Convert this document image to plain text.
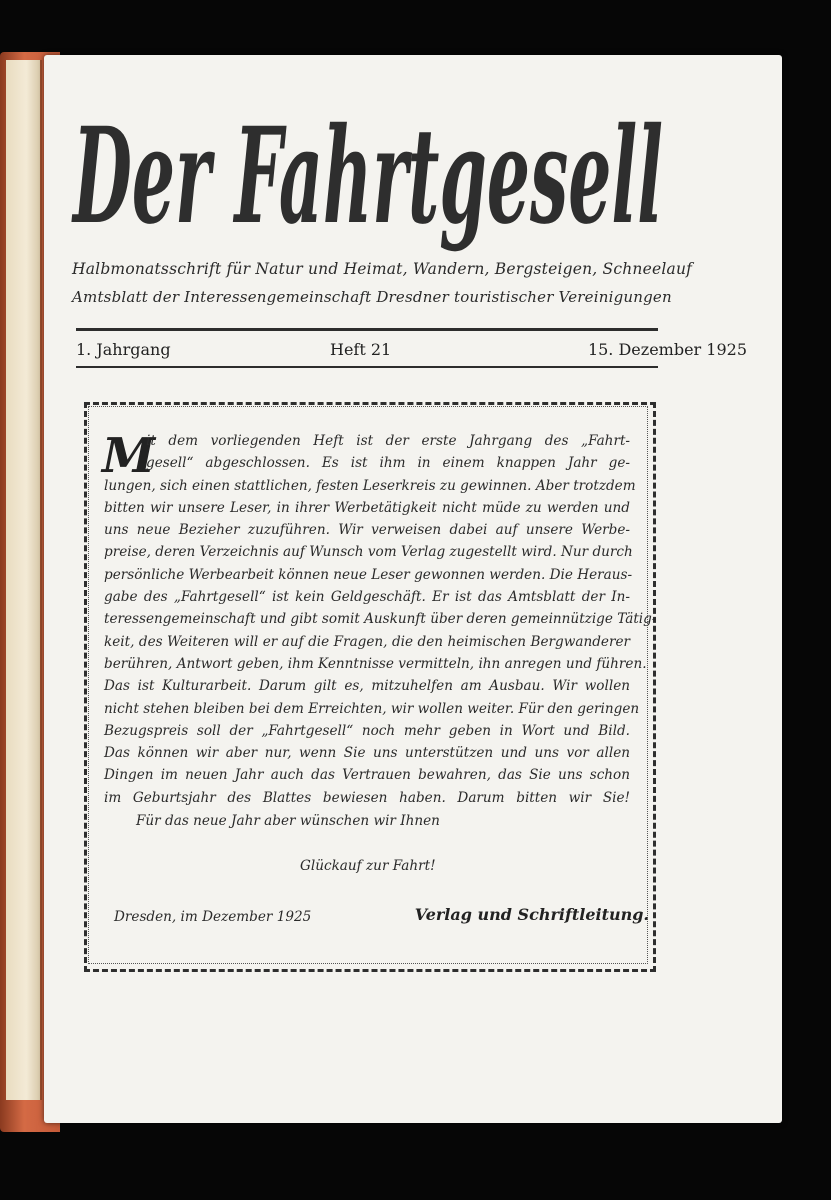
Der Fahrtgesell
Halbmonatsschrift für Natur und Heimat, Wandern, Bergsteigen, Schneelauf
Amtsblatt der Interessengemeinschaft Dresdner touristischer Vereinigungen
1. Jahrgang	Heft 21	15. Dezember 1925
M
it dem vorliegenden Heft ist der erste Jahrgang des „Fahrt-
gesell“ abgeschlossen. Es ist ihm in einem knappen Jahr ge-
lungen, sich einen stattlichen, festen Leserkreis zu gewinnen. Aber trotzdem
bitten wir unsere Leser, in ihrer Werbetätigkeit nicht müde zu werden und
uns neue Bezieher zuzuführen. Wir verweisen dabei auf unsere Werbe-
preise, deren Verzeichnis auf Wunsch vom Verlag zugestellt wird. Nur durch
persönliche Werbearbeit können neue Leser gewonnen werden. Die Heraus-
gabe des „Fahrtgesell“ ist kein Geldgeschäft. Er ist das Amtsblatt der In-
teressengemeinschaft und gibt somit Auskunft über deren gemeinnützige Tätig-
keit, des Weiteren will er auf die Fragen, die den heimischen Bergwanderer
berühren, Antwort geben, ihm Kenntnisse vermitteln, ihn anregen und führen.
Das ist Kulturarbeit. Darum gilt es, mitzuhelfen am Ausbau. Wir wollen
nicht stehen bleiben bei dem Erreichten, wir wollen weiter. Für den geringen
Bezugspreis soll der „Fahrtgesell“ noch mehr geben in Wort und Bild.
Das können wir aber nur, wenn Sie uns unterstützen und uns vor allen
Dingen im neuen Jahr auch das Vertrauen bewahren, das Sie uns schon
im Geburtsjahr des Blattes bewiesen haben. Darum bitten wir Sie!
Für das neue Jahr aber wünschen wir Ihnen
Glückauf zur Fahrt!
Dresden, im Dezember 1925	Verlag und Schriftleitung.
